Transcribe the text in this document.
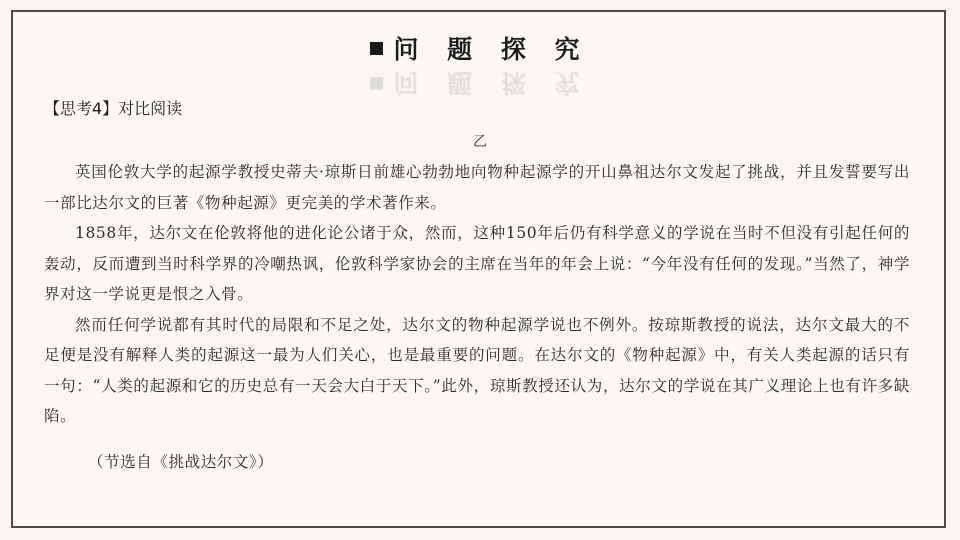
问 题 探 究
问 题 探 究
【思考4】对比阅读
乙

英国伦敦大学的起源学教授史蒂夫·琼斯日前雄心勃勃地向物种起源学的开山鼻祖达尔文发起了挑战，并且发誓要写出一部比达尔文的巨著《物种起源》更完美的学术著作来。

1858年，达尔文在伦敦将他的进化论公诸于众，然而，这种150年后仍有科学意义的学说在当时不但没有引起任何的轰动，反而遭到当时科学界的冷嘲热讽，伦敦科学家协会的主席在当年的年会上说：“今年没有任何的发现。”当然了，神学界对这一学说更是恨之入骨。

然而任何学说都有其时代的局限和不足之处，达尔文的物种起源学说也不例外。按琼斯教授的说法，达尔文最大的不足便是没有解释人类的起源这一最为人们关心，也是最重要的问题。在达尔文的《物种起源》中，有关人类起源的话只有一句：“人类的起源和它的历史总有一天会大白于天下。”此外，琼斯教授还认为，达尔文的学说在其广义理论上也有许多缺陷。

（节选自《挑战达尔文》）
